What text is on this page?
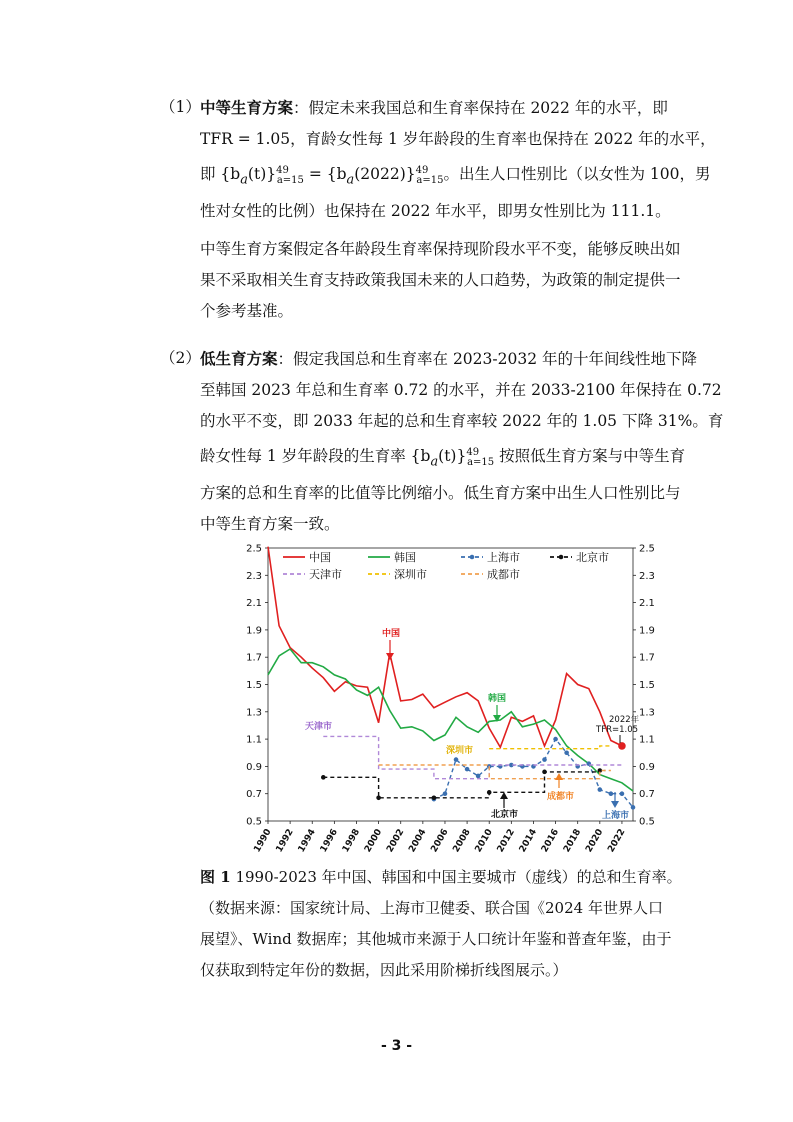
（1） 中等生育方案：假定未来我国总和生育率保持在 2022 年的水平，即
TFR = 1.05，育龄女性每 1 岁年龄段的生育率也保持在 2022 年的水平，
即 $\{b_a(t)\}^{49}_{a=15} = \{b_a(2022)\}^{49}_{a=15}$。出生人口性别比（以女性为 100，男
性对女性的比例）也保持在 2022 年水平，即男女性别比为 111.1。
中等生育方案假定各年龄段生育率保持现阶段水平不变，能够反映出如
果不采取相关生育支持政策我国未来的人口趋势，为政策的制定提供一
个参考基准。
（2） 低生育方案：假定我国总和生育率在 2023-2032 年的十年间线性地下降
至韩国 2023 年总和生育率 0.72 的水平，并在 2033-2100 年保持在 0.72
的水平不变，即 2033 年起的总和生育率较 2022 年的 1.05 下降 31%。育
龄女性每 1 岁年龄段的生育率 $\{b_a(t)\}^{49}_{a=15}$ 按照低生育方案与中等生育
方案的总和生育率的比值等比例缩小。低生育方案中出生人口性别比与
中等生育方案一致。
0.5	0.5
0.7	0.7
0.9	0.9
1.1	1.1
1.3	1.3
1.5	1.5
1.7	1.7
1.9	1.9
2.1	2.1
2.3	2.3
2.5	2.5
1990 1992 1994 1996 1998 2000 2002 2004 2006 2008 2010 2012 2014 2016 2018 2020 2022
中国	韩国	上海市	北京市
天津市	深圳市	成都市
中国
韩国
天津市
深圳市
北京市
成都市
上海市
2022年
TFR=1.05
图 1 1990-2023 年中国、韩国和中国主要城市（虚线）的总和生育率。
（数据来源：国家统计局、上海市卫健委、联合国《2024 年世界人口
展望》、Wind 数据库；其他城市来源于人口统计年鉴和普查年鉴，由于
仅获取到特定年份的数据，因此采用阶梯折线图展示。）
- 3 -
